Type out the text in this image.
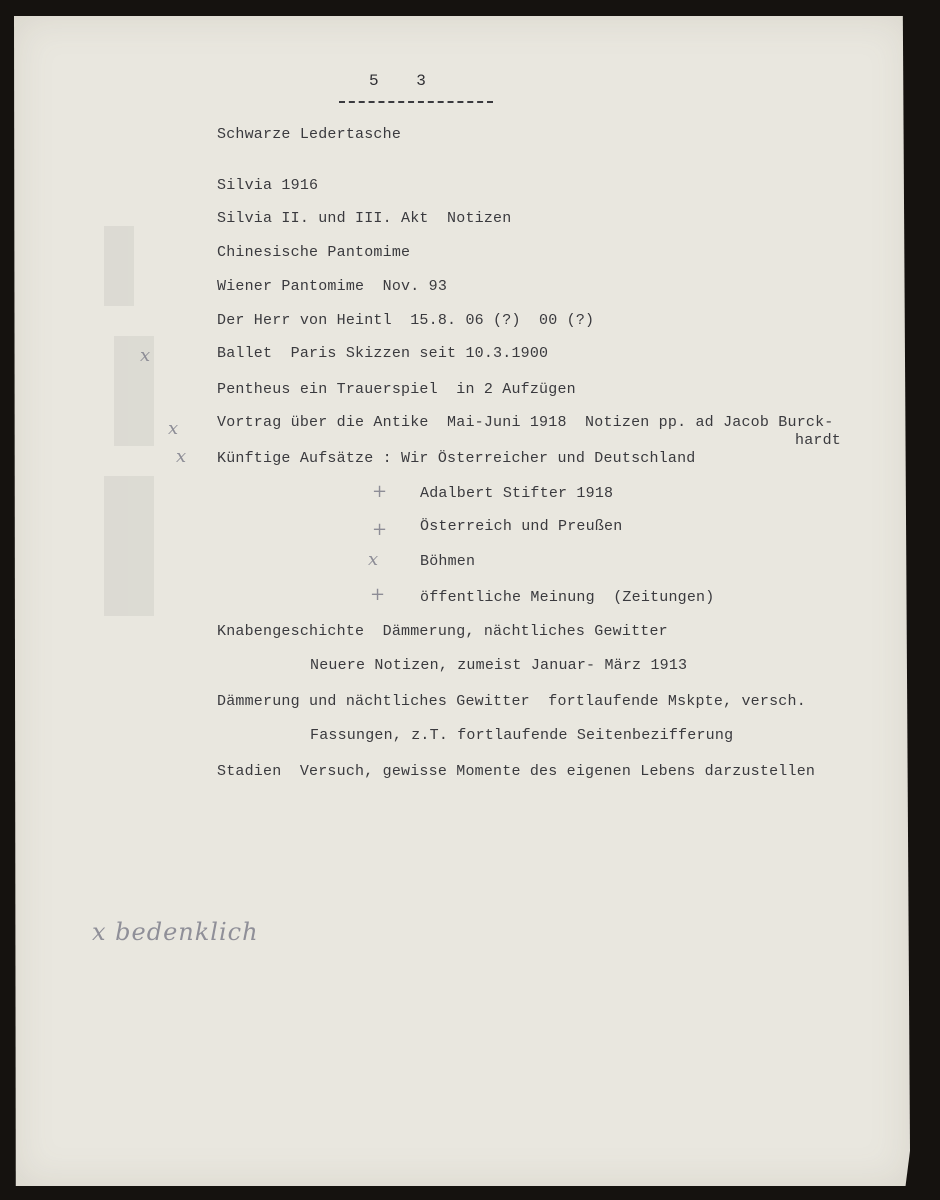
5 3
Schwarze Ledertasche
Silvia 1916
Silvia II. und III. Akt  Notizen
Chinesische Pantomime
Wiener Pantomime  Nov. 93
Der Herr von Heintl  15.8. 06 (?)  00 (?)
Ballet  Paris Skizzen seit 10.3.1900
Pentheus ein Trauerspiel  in 2 Aufzügen
Vortrag über die Antike  Mai-Juni 1918  Notizen pp. ad Jacob Burck-
hardt
Künftige Aufsätze : Wir Österreicher und Deutschland
Adalbert Stifter 1918
Österreich und Preußen
Böhmen
öffentliche Meinung  (Zeitungen)
Knabengeschichte  Dämmerung, nächtliches Gewitter
Neuere Notizen, zumeist Januar- März 1913
Dämmerung und nächtliches Gewitter  fortlaufende Mskpte, versch.
Fassungen, z.T. fortlaufende Seitenbezifferung
Stadien  Versuch, gewisse Momente des eigenen Lebens darzustellen
x
x
x
+
+
x
+
x bedenklich
